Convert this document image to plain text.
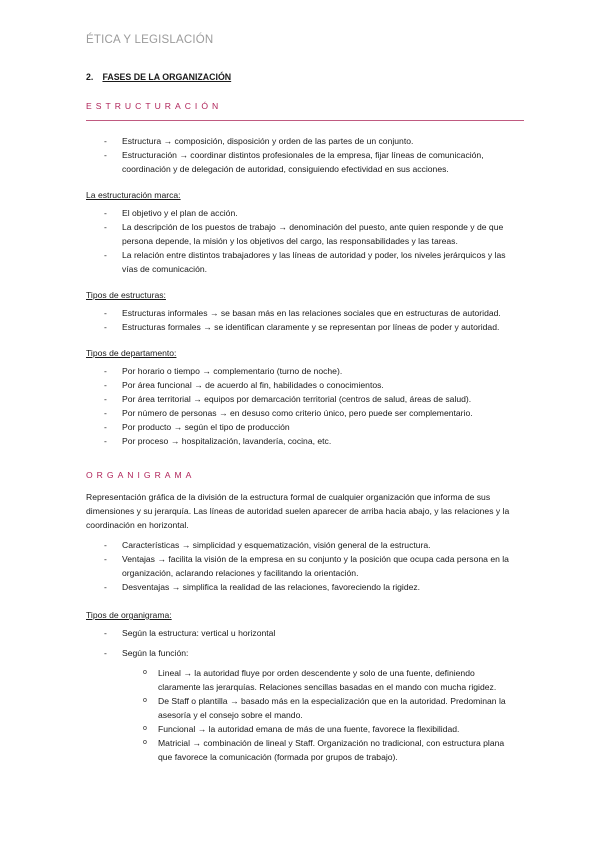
ÉTICA Y LEGISLACIÓN
2. FASES DE LA ORGANIZACIÓN
ESTRUCTURACIÓN
- Estructura → composición, disposición y orden de las partes de un conjunto.
- Estructuración → coordinar distintos profesionales de la empresa, fijar líneas de comunicación, coordinación y de delegación de autoridad, consiguiendo efectividad en sus acciones.
La estructuración marca:
- El objetivo y el plan de acción.
- La descripción de los puestos de trabajo → denominación del puesto, ante quien responde y de que persona depende, la misión y los objetivos del cargo, las responsabilidades y las tareas.
- La relación entre distintos trabajadores y las líneas de autoridad y poder, los niveles jerárquicos y las vías de comunicación.
Tipos de estructuras:
- Estructuras informales → se basan más en las relaciones sociales que en estructuras de autoridad.
- Estructuras formales → se identifican claramente y se representan por líneas de poder y autoridad.
Tipos de departamento:
- Por horario o tiempo → complementario (turno de noche).
- Por área funcional → de acuerdo al fin, habilidades o conocimientos.
- Por área territorial → equipos por demarcación territorial (centros de salud, áreas de salud).
- Por número de personas → en desuso como criterio único, pero puede ser complementario.
- Por producto → según el tipo de producción
- Por proceso → hospitalización, lavandería, cocina, etc.
ORGANIGRAMA
Representación gráfica de la división de la estructura formal de cualquier organización que informa de sus dimensiones y su jerarquía. Las líneas de autoridad suelen aparecer de arriba hacia abajo, y las relaciones y la coordinación en horizontal.
- Características → simplicidad y esquematización, visión general de la estructura.
- Ventajas → facilita la visión de la empresa en su conjunto y la posición que ocupa cada persona en la organización, aclarando relaciones y facilitando la orientación.
- Desventajas → simplifica la realidad de las relaciones, favoreciendo la rigidez.
Tipos de organigrama:
- Según la estructura: vertical u horizontal
- Según la función:
o Lineal → la autoridad fluye por orden descendente y solo de una fuente, definiendo claramente las jerarquías. Relaciones sencillas basadas en el mando con mucha rigidez.
o De Staff o plantilla → basado más en la especialización que en la autoridad. Predominan la asesoría y el consejo sobre el mando.
o Funcional → la autoridad emana de más de una fuente, favorece la flexibilidad.
o Matricial → combinación de lineal y Staff. Organización no tradicional, con estructura plana que favorece la comunicación (formada por grupos de trabajo).
